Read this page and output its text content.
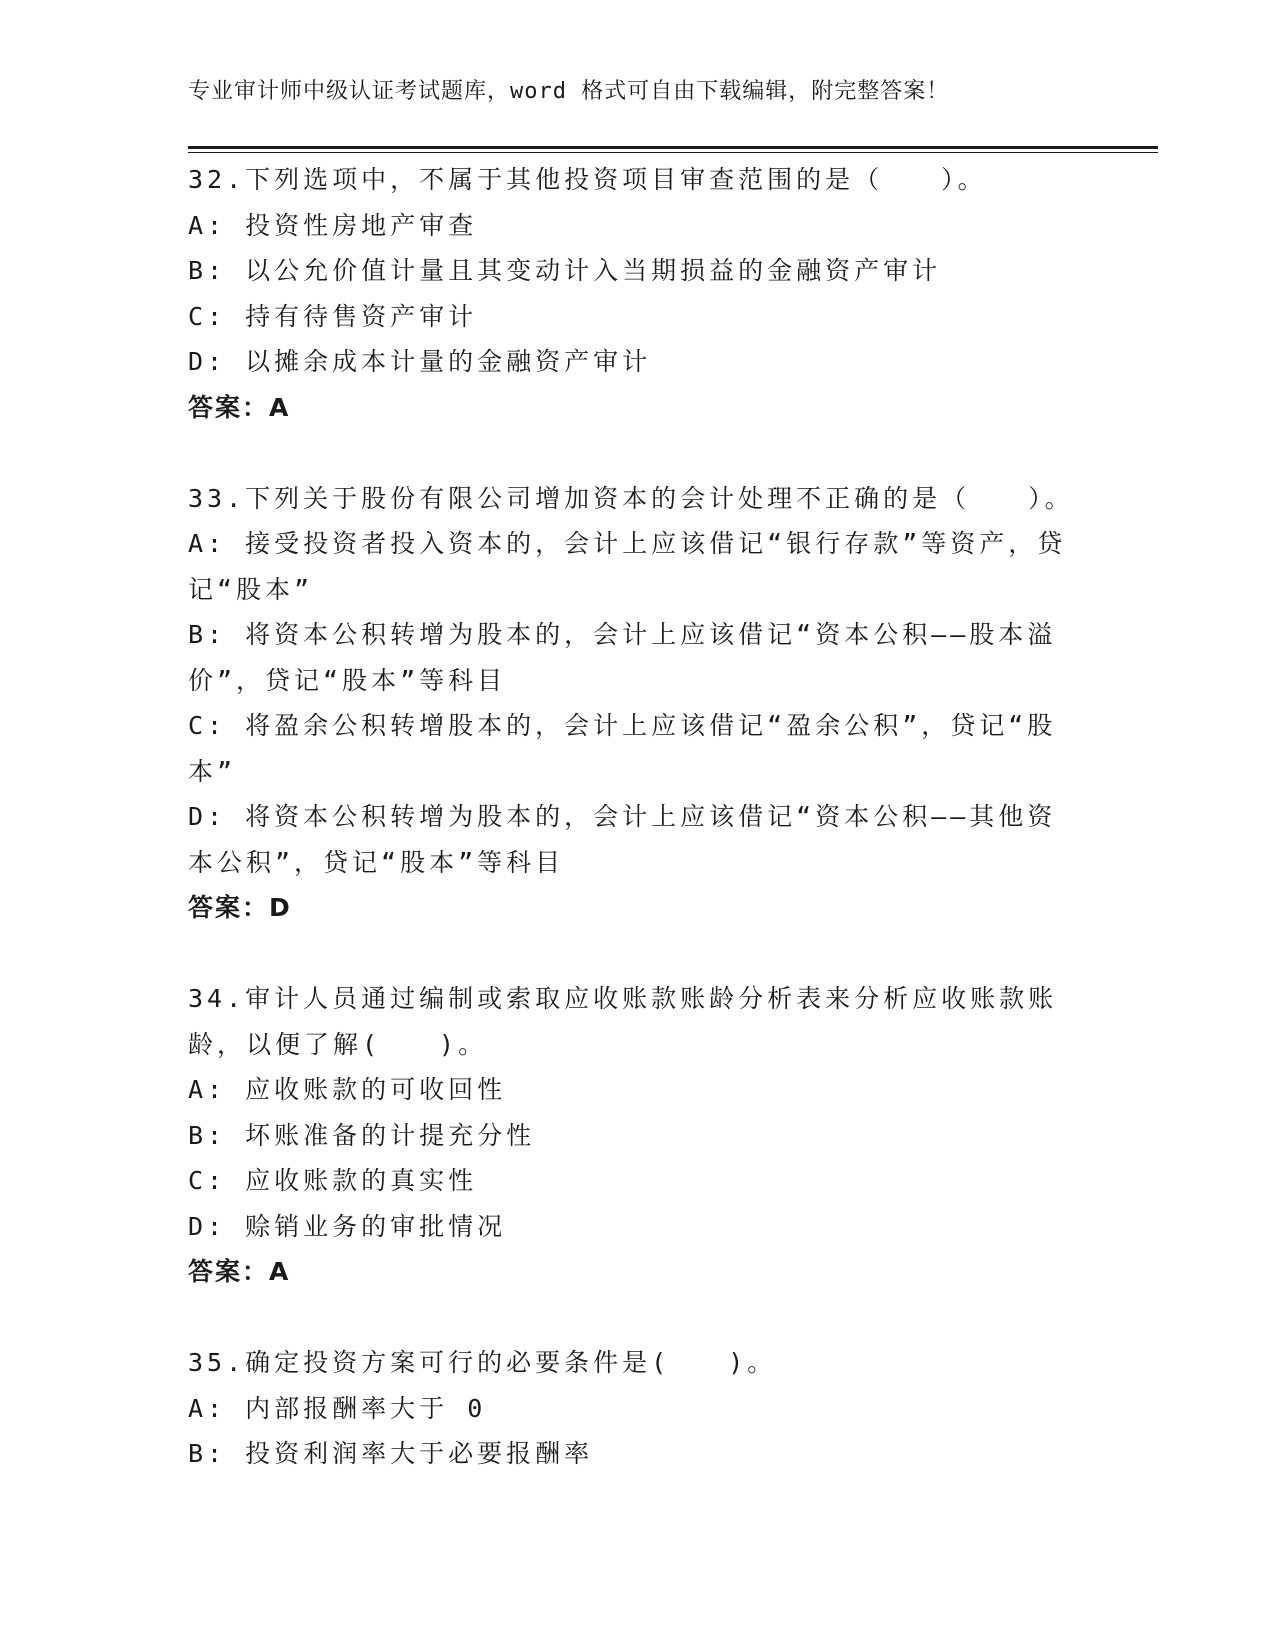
专业审计师中级认证考试题库，word 格式可自由下载编辑，附完整答案！
32.下列选项中，不属于其他投资项目审查范围的是（　　）。
A: 投资性房地产审查
B: 以公允价值计量且其变动计入当期损益的金融资产审计
C: 持有待售资产审计
D: 以摊余成本计量的金融资产审计
答案：A
33.下列关于股份有限公司增加资本的会计处理不正确的是（　　）。
A: 接受投资者投入资本的，会计上应该借记“银行存款”等资产，贷记“股本”
B: 将资本公积转增为股本的，会计上应该借记“资本公积——股本溢价”，贷记“股本”等科目
C: 将盈余公积转增股本的，会计上应该借记“盈余公积”，贷记“股本”
D: 将资本公积转增为股本的，会计上应该借记“资本公积——其他资本公积”，贷记“股本”等科目
答案：D
34.审计人员通过编制或索取应收账款账龄分析表来分析应收账款账龄，以便了解(　　)。
A: 应收账款的可收回性
B: 坏账准备的计提充分性
C: 应收账款的真实性
D: 赊销业务的审批情况
答案：A
35.确定投资方案可行的必要条件是(　　)。
A: 内部报酬率大于 0
B: 投资利润率大于必要报酬率
